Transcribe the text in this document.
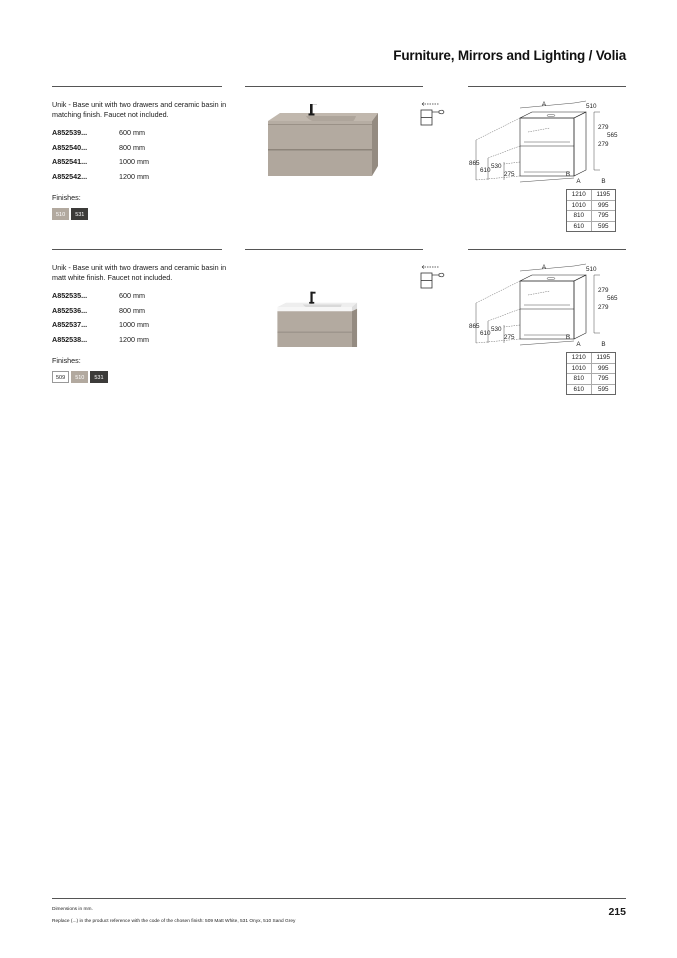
Furniture, Mirrors and Lighting / Volia
Unik - Base unit with two drawers and ceramic basin in matching finish. Faucet not included.
A852539...	600 mm
A852540...	800 mm
A852541...	1000 mm
A852542...	1200 mm
Finishes:
510	531
A	510
279
565
279
865
610
530
275	B
A	B
1210	1195
1010	995
810	795
610	595
Unik - Base unit with two drawers and ceramic basin in matt white finish. Faucet not included.
A852535...	600 mm
A852536...	800 mm
A852537...	1000 mm
A852538...	1200 mm
Finishes:
509	510	531
A	510
279
565
279
865
610
530
275	B
A	B
1210	1195
1010	995
810	795
610	595
Dimensions in mm.
Replace (...) in the product reference with the code of the chosen finish: 509 Matt White, 531 Onyx, 510 Sand Grey
215
